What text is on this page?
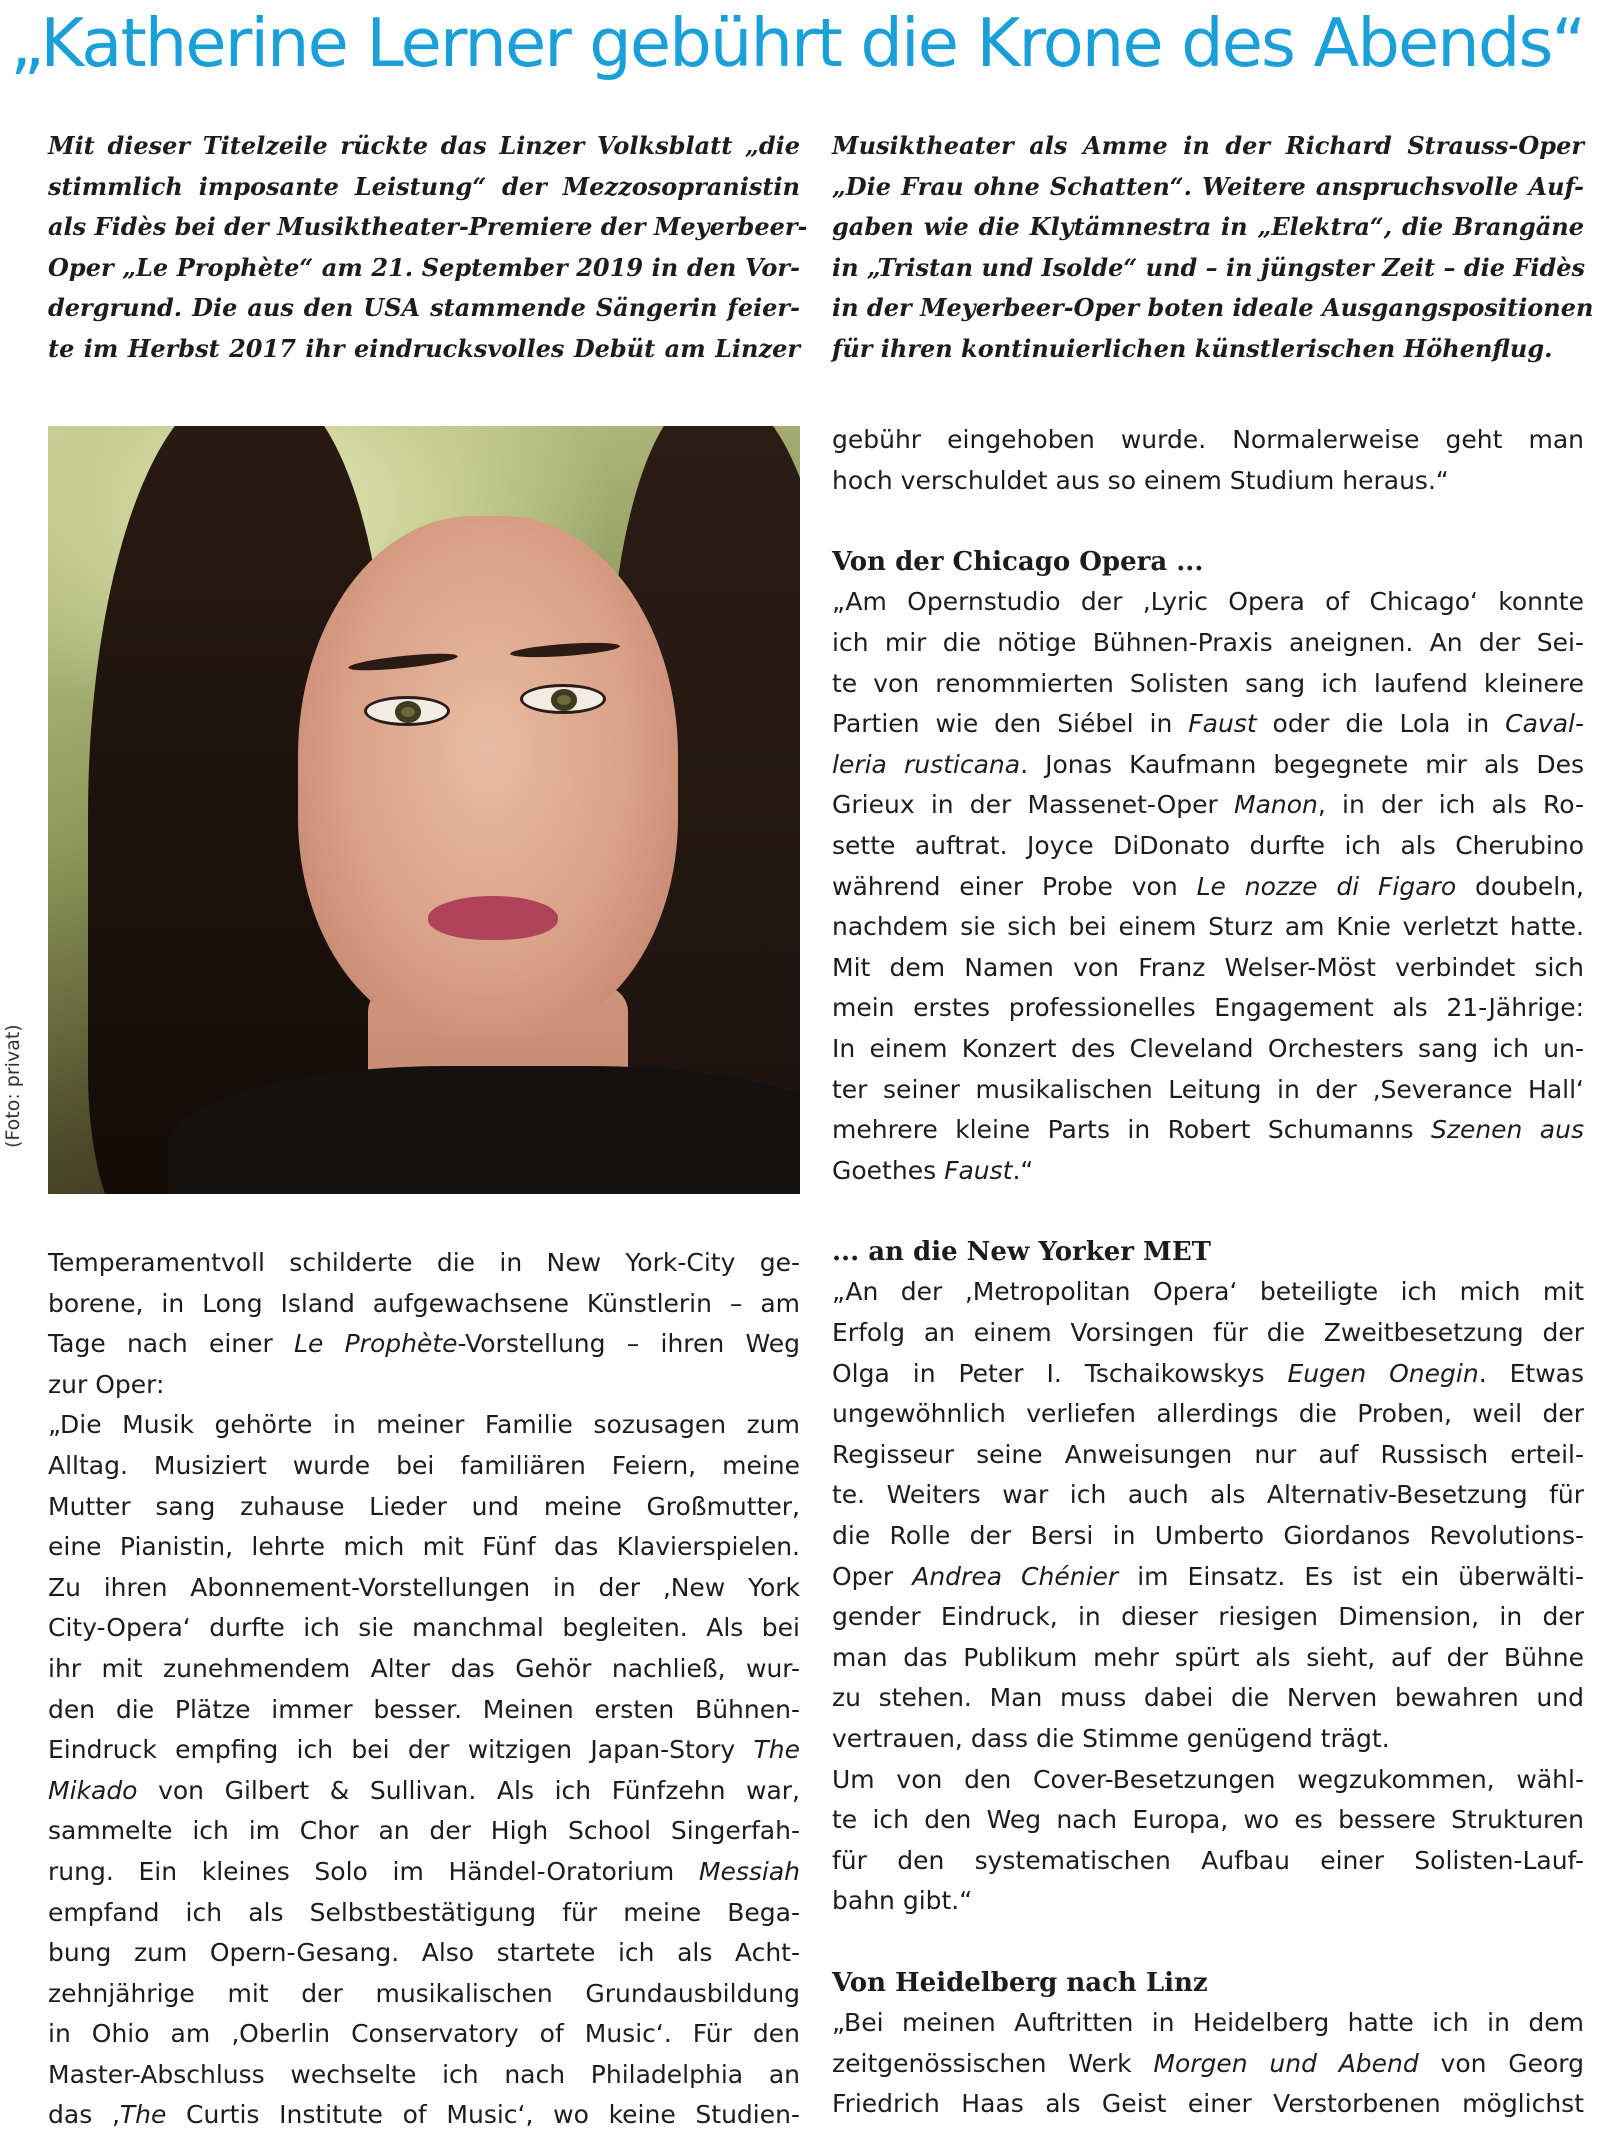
„Katherine Lerner gebührt die Krone des Abends“
Mit dieser Titelzeile rückte das Linzer Volksblatt „die
stimmlich imposante Leistung“ der Mezzosopranistin
als Fidès bei der Musiktheater-Premiere der Meyerbeer-
Oper „Le Prophète“ am 21. September 2019 in den Vor-
dergrund. Die aus den USA stammende Sängerin feier-
te im Herbst 2017 ihr eindrucksvolles Debüt am Linzer
Musiktheater als Amme in der Richard Strauss-Oper
„Die Frau ohne Schatten“. Weitere anspruchsvolle Auf-
gaben wie die Klytämnestra in „Elektra“, die Brangäne
in „Tristan und Isolde“ und – in jüngster Zeit – die Fidès
in der Meyerbeer-Oper boten ideale Ausgangspositionen
für ihren kontinuierlichen künstlerischen Höhenflug.
(Foto: privat)
Temperamentvoll schilderte die in New York-City ge-
borene, in Long Island aufgewachsene Künstlerin – am
Tage nach einer Le Prophète-Vorstellung – ihren Weg
zur Oper:
„Die Musik gehörte in meiner Familie sozusagen zum
Alltag. Musiziert wurde bei familiären Feiern, meine
Mutter sang zuhause Lieder und meine Großmutter,
eine Pianistin, lehrte mich mit Fünf das Klavierspielen.
Zu ihren Abonnement-Vorstellungen in der ‚New York
City-Opera‘ durfte ich sie manchmal begleiten. Als bei
ihr mit zunehmendem Alter das Gehör nachließ, wur-
den die Plätze immer besser. Meinen ersten Bühnen-
Eindruck empfing ich bei der witzigen Japan-Story The
Mikado von Gilbert & Sullivan. Als ich Fünfzehn war,
sammelte ich im Chor an der High School Singerfah-
rung. Ein kleines Solo im Händel-Oratorium Messiah
empfand ich als Selbstbestätigung für meine Bega-
bung zum Opern-Gesang. Also startete ich als Acht-
zehnjährige mit der musikalischen Grundausbildung
in Ohio am ‚Oberlin Conservatory of Music‘. Für den
Master-Abschluss wechselte ich nach Philadelphia an
das ‚The Curtis Institute of Music‘, wo keine Studien-
gebühr eingehoben wurde. Normalerweise geht man
hoch verschuldet aus so einem Studium heraus.“
Von der Chicago Opera ...
„Am Opernstudio der ‚Lyric Opera of Chicago‘ konnte
ich mir die nötige Bühnen-Praxis aneignen. An der Sei-
te von renommierten Solisten sang ich laufend kleinere
Partien wie den Siébel in Faust oder die Lola in Caval-
leria rusticana. Jonas Kaufmann begegnete mir als Des
Grieux in der Massenet-Oper Manon, in der ich als Ro-
sette auftrat. Joyce DiDonato durfte ich als Cherubino
während einer Probe von Le nozze di Figaro doubeln,
nachdem sie sich bei einem Sturz am Knie verletzt hatte.
Mit dem Namen von Franz Welser-Möst verbindet sich
mein erstes professionelles Engagement als 21-Jährige:
In einem Konzert des Cleveland Orchesters sang ich un-
ter seiner musikalischen Leitung in der ‚Severance Hall‘
mehrere kleine Parts in Robert Schumanns Szenen aus
Goethes Faust.“
... an die New Yorker MET
„An der ‚Metropolitan Opera‘ beteiligte ich mich mit
Erfolg an einem Vorsingen für die Zweitbesetzung der
Olga in Peter I. Tschaikowskys Eugen Onegin. Etwas
ungewöhnlich verliefen allerdings die Proben, weil der
Regisseur seine Anweisungen nur auf Russisch erteil-
te. Weiters war ich auch als Alternativ-Besetzung für
die Rolle der Bersi in Umberto Giordanos Revolutions-
Oper Andrea Chénier im Einsatz. Es ist ein überwälti-
gender Eindruck, in dieser riesigen Dimension, in der
man das Publikum mehr spürt als sieht, auf der Bühne
zu stehen. Man muss dabei die Nerven bewahren und
vertrauen, dass die Stimme genügend trägt.
Um von den Cover-Besetzungen wegzukommen, wähl-
te ich den Weg nach Europa, wo es bessere Strukturen
für den systematischen Aufbau einer Solisten-Lauf-
bahn gibt.“
Von Heidelberg nach Linz
„Bei meinen Auftritten in Heidelberg hatte ich in dem
zeitgenössischen Werk Morgen und Abend von Georg
Friedrich Haas als Geist einer Verstorbenen möglichst
